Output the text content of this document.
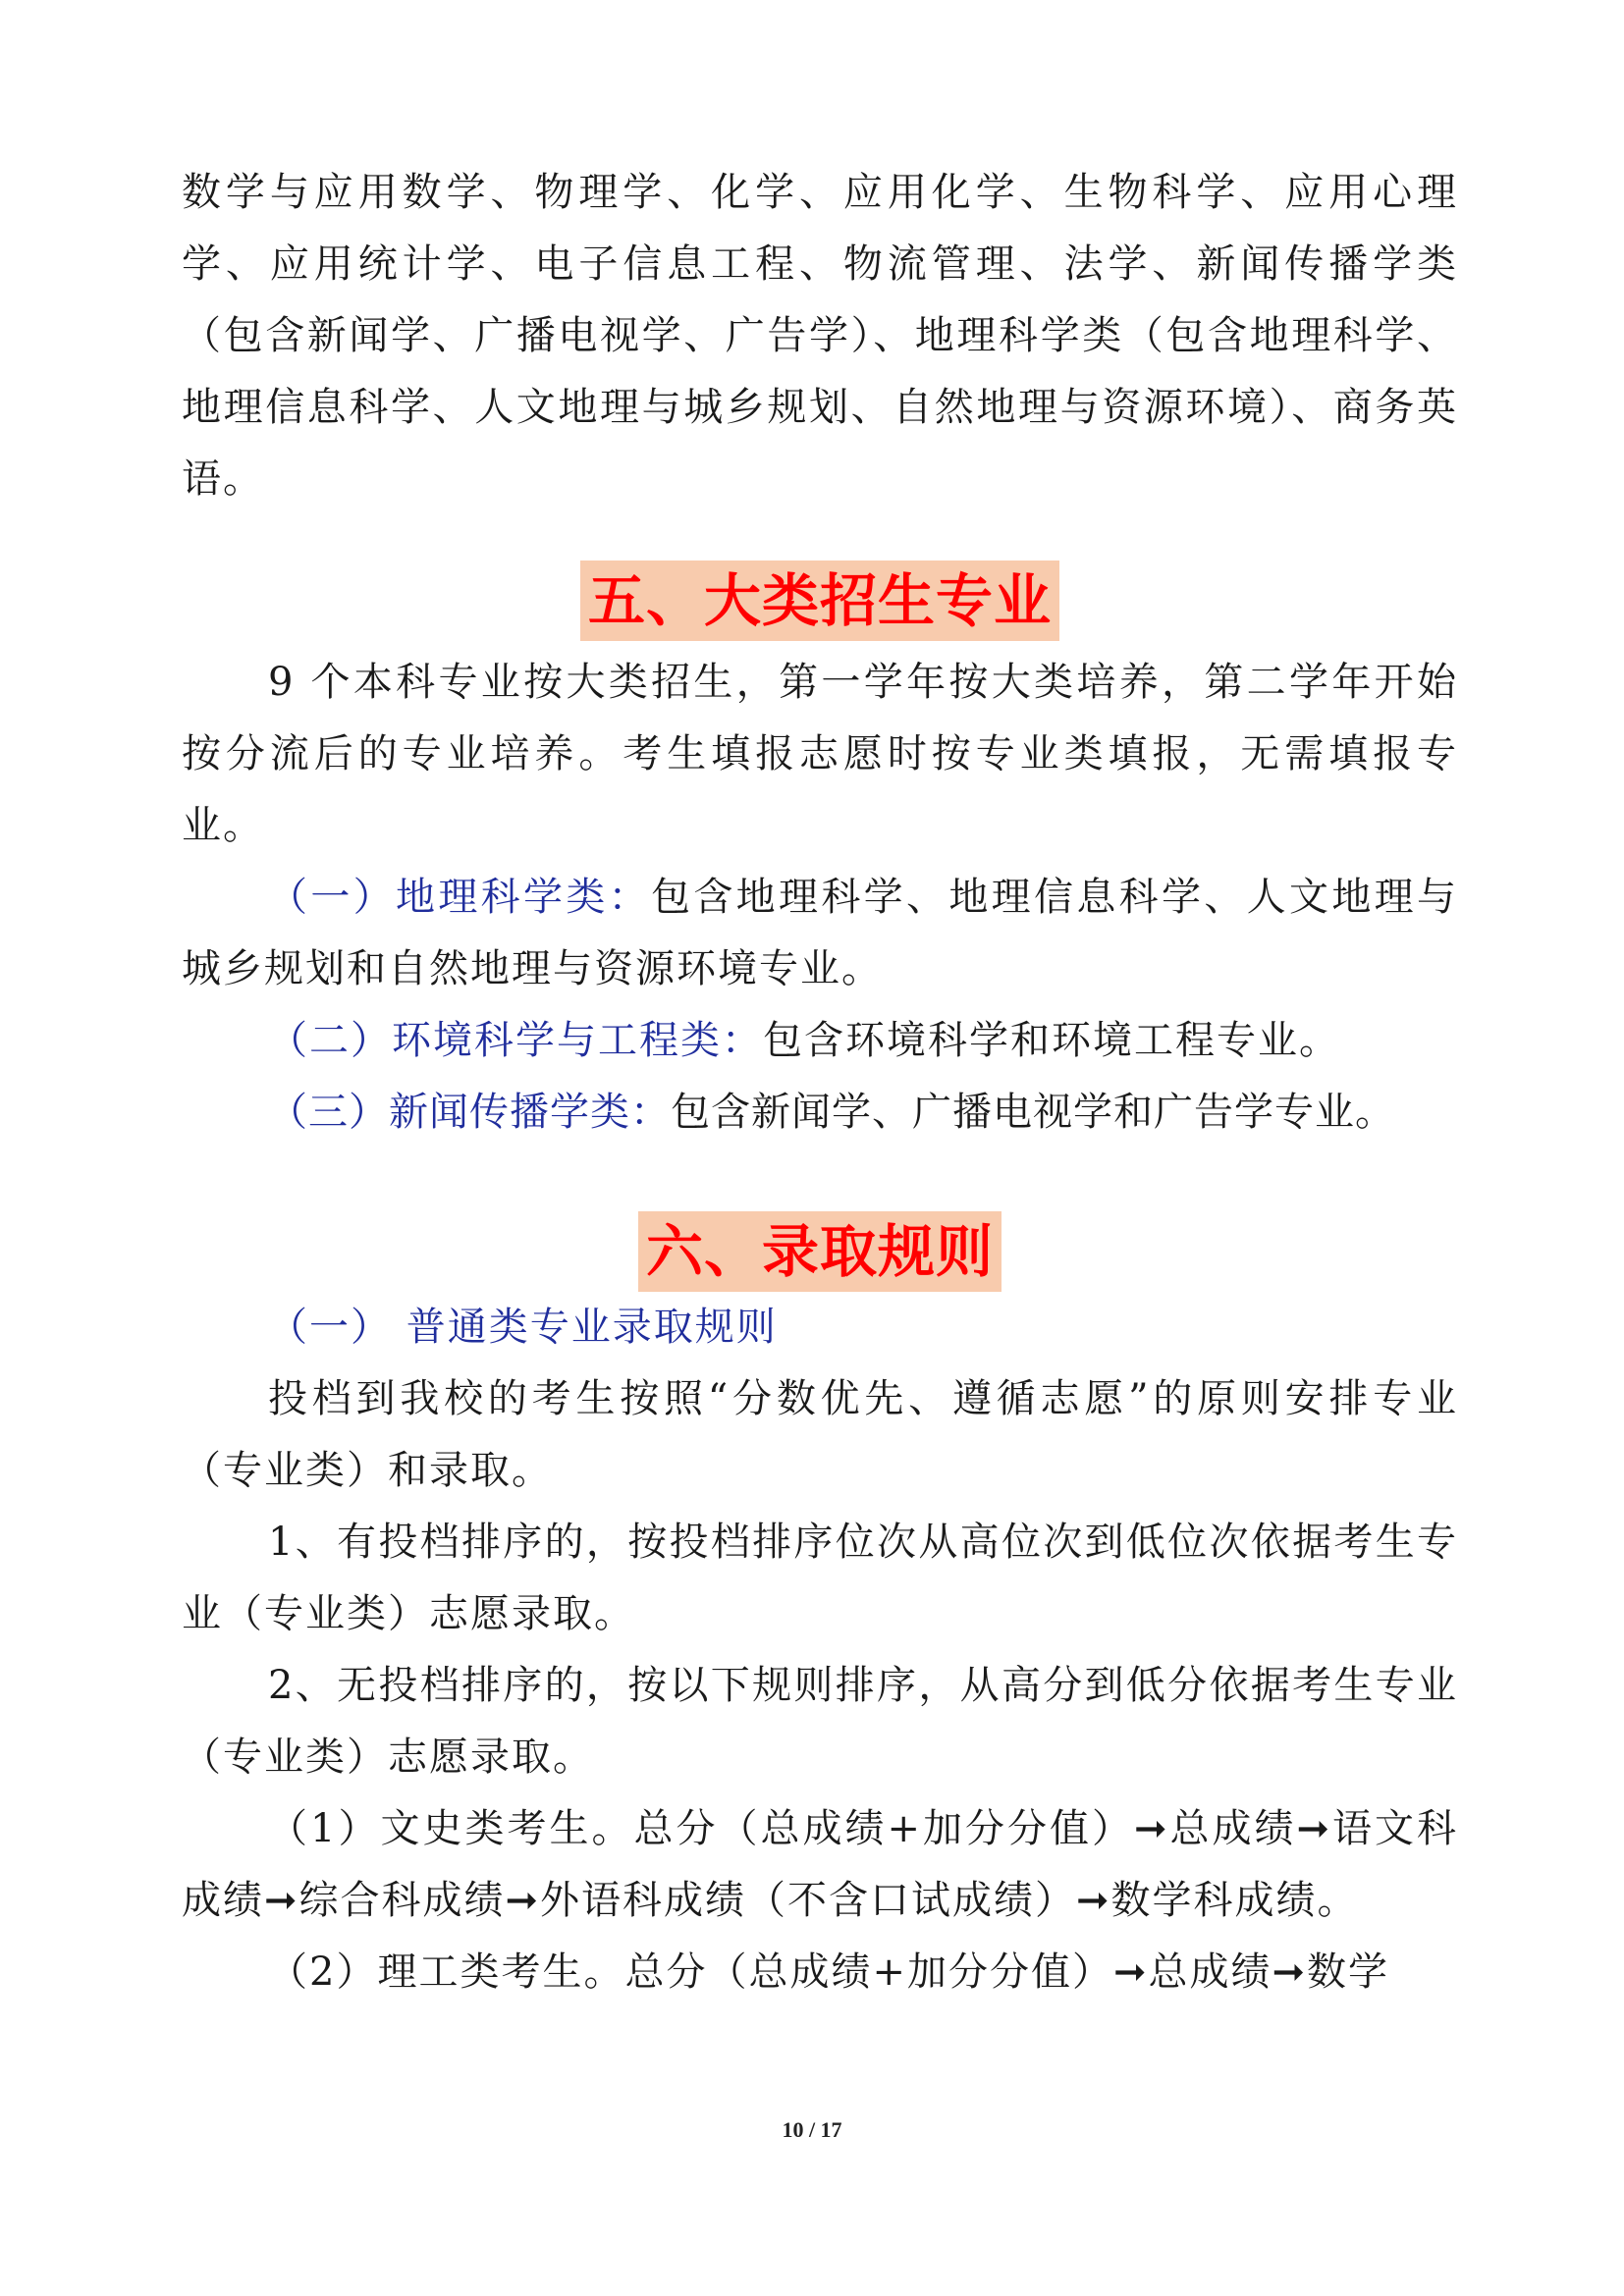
数学与应用数学、物理学、化学、应用化学、生物科学、应用心理学、应用统计学、电子信息工程、物流管理、法学、新闻传播学类（包含新闻学、广播电视学、广告学）、地理科学类（包含地理科学、地理信息科学、人文地理与城乡规划、自然地理与资源环境）、商务英语。

五、大类招生专业

9 个本科专业按大类招生，第一学年按大类培养，第二学年开始按分流后的专业培养。考生填报志愿时按专业类填报，无需填报专业。

（一）地理科学类：包含地理科学、地理信息科学、人文地理与城乡规划和自然地理与资源环境专业。

（二）环境科学与工程类：包含环境科学和环境工程专业。

（三）新闻传播学类：包含新闻学、广播电视学和广告学专业。

六、录取规则

（一） 普通类专业录取规则

投档到我校的考生按照“分数优先、遵循志愿”的原则安排专业（专业类）和录取。

1、有投档排序的，按投档排序位次从高位次到低位次依据考生专业（专业类）志愿录取。

2、无投档排序的，按以下规则排序，从高分到低分依据考生专业（专业类）志愿录取。

（1）文史类考生。总分（总成绩+加分分值）➞总成绩➞语文科成绩➞综合科成绩➞外语科成绩（不含口试成绩）➞数学科成绩。

（2）理工类考生。总分（总成绩+加分分值）➞总成绩➞数学

10 / 17
